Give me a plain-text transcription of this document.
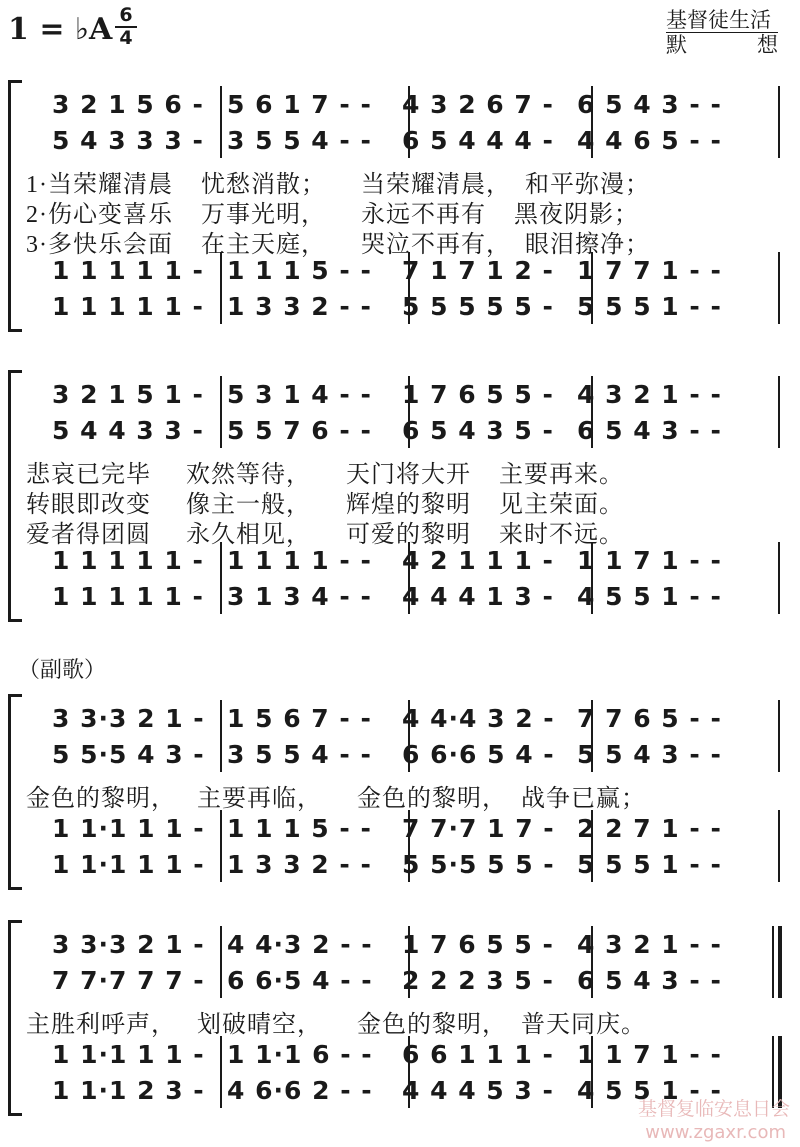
1 = ♭A 6
4
基督徒生活
默	想
3 2 1 5 6 - 5 6 1 7 - -	4 3 2 6 7 - 6 5 4 3 - -
5 4 3 3 3 - 3 5 5 4 - -	6 5 4 4 4 - 4 4 6 5 - -
1·当荣耀清晨    忧愁消散；     当荣耀清晨，  和平弥漫；
2·伤心变喜乐    万事光明，     永远不再有    黑夜阴影；
3·多快乐会面    在主天庭，     哭泣不再有，  眼泪擦净；
1 1 1 1 1 - 1 1 1 5 - -	7 1 7 1 2 - 1 7 7 1 - -
1 1 1 1 1 - 1 3 3 2 - -	5 5 5 5 5 - 5 5 5 1 - -
3 2 1 5 1 - 5 3 1 4 - -	1 7 6 5 5 - 4 3 2 1 - -
5 4 4 3 3 - 5 5 7 6 - -	6 5 4 3 5 - 6 5 4 3 - -
悲哀已完毕     欢然等待，     天门将大开    主要再来。
转眼即改变     像主一般，     辉煌的黎明    见主荣面。
爱者得团圆     永久相见，     可爱的黎明    来时不远。
1 1 1 1 1 - 1 1 1 1 - -	4 2 1 1 1 - 1 1 7 1 - -
1 1 1 1 1 - 3 1 3 4 - -	4 4 4 1 3 - 4 5 5 1 - -
（副歌）
3 3·3 2 1 - 1 5 6 7 - -	4 4·4 3 2 - 7 7 6 5 - -
5 5·5 4 3 - 3 5 5 4 - -	6 6·6 5 4 - 5 5 4 3 - -
金色的黎明，   主要再临，     金色的黎明，  战争已赢；
1 1·1 1 1 - 1 1 1 5 - -	7 7·7 1 7 - 2 2 7 1 - -
1 1·1 1 1 - 1 3 3 2 - -	5 5·5 5 5 - 5 5 5 1 - -
3 3·3 2 1 - 4 4·3 2 - -	1 7 6 5 5 - 4 3 2 1 - -
7 7·7 7 7 - 6 6·5 4 - -	2 2 2 3 5 - 6 5 4 3 - -
主胜利呼声，   划破晴空，     金色的黎明，  普天同庆。
1 1·1 1 1 - 1 1·1 6 - -	6 6 1 1 1 - 1 1 7 1 - -
1 1·1 2 3 - 4 6·6 2 - -	4 4 4 5 3 - 4 5 5 1 - -
基督复临安息日会
www.zgaxr.com
